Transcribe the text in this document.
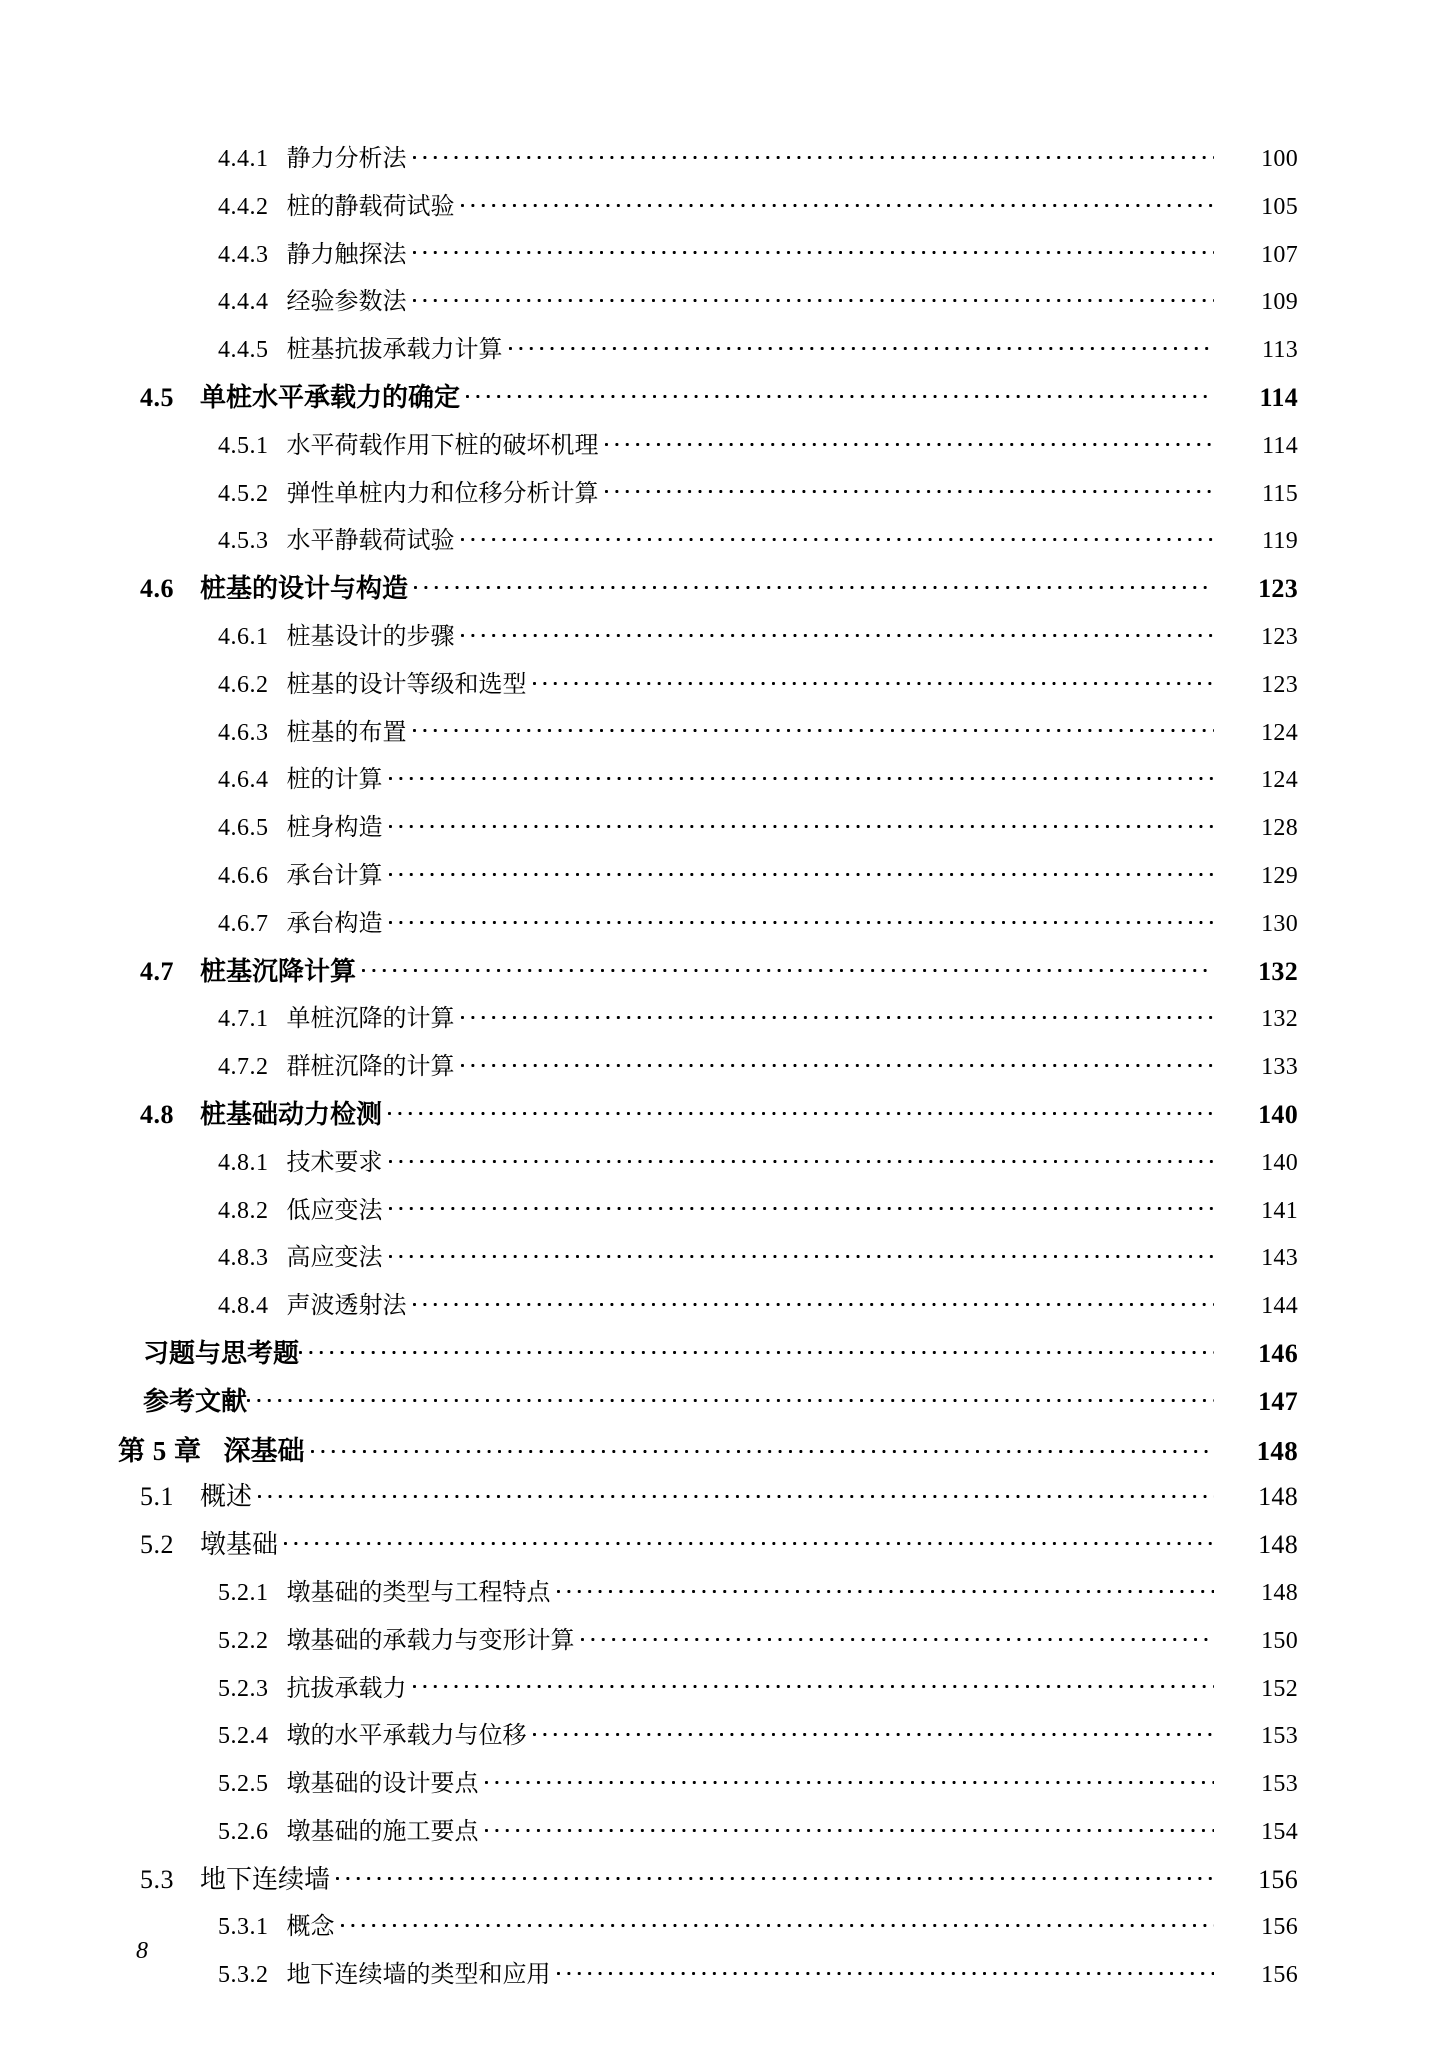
4.4.1 静力分析法	100
4.4.2 桩的静载荷试验	105
4.4.3 静力触探法	107
4.4.4 经验参数法	109
4.4.5 桩基抗拔承载力计算	113
4.5 单桩水平承载力的确定	114
4.5.1 水平荷载作用下桩的破坏机理	114
4.5.2 弹性单桩内力和位移分析计算	115
4.5.3 水平静载荷试验	119
4.6 桩基的设计与构造	123
4.6.1 桩基设计的步骤	123
4.6.2 桩基的设计等级和选型	123
4.6.3 桩基的布置	124
4.6.4 桩的计算	124
4.6.5 桩身构造	128
4.6.6 承台计算	129
4.6.7 承台构造	130
4.7 桩基沉降计算	132
4.7.1 单桩沉降的计算	132
4.7.2 群桩沉降的计算	133
4.8 桩基础动力检测	140
4.8.1 技术要求	140
4.8.2 低应变法	141
4.8.3 高应变法	143
4.8.4 声波透射法	144
习题与思考题	146
参考文献	147
第 5 章 深基础	148
5.1 概述	148
5.2 墩基础	148
5.2.1 墩基础的类型与工程特点	148
5.2.2 墩基础的承载力与变形计算	150
5.2.3 抗拔承载力	152
5.2.4 墩的水平承载力与位移	153
5.2.5 墩基础的设计要点	153
5.2.6 墩基础的施工要点	154
5.3 地下连续墙	156
5.3.1 概念	156
5.3.2 地下连续墙的类型和应用	156
8
